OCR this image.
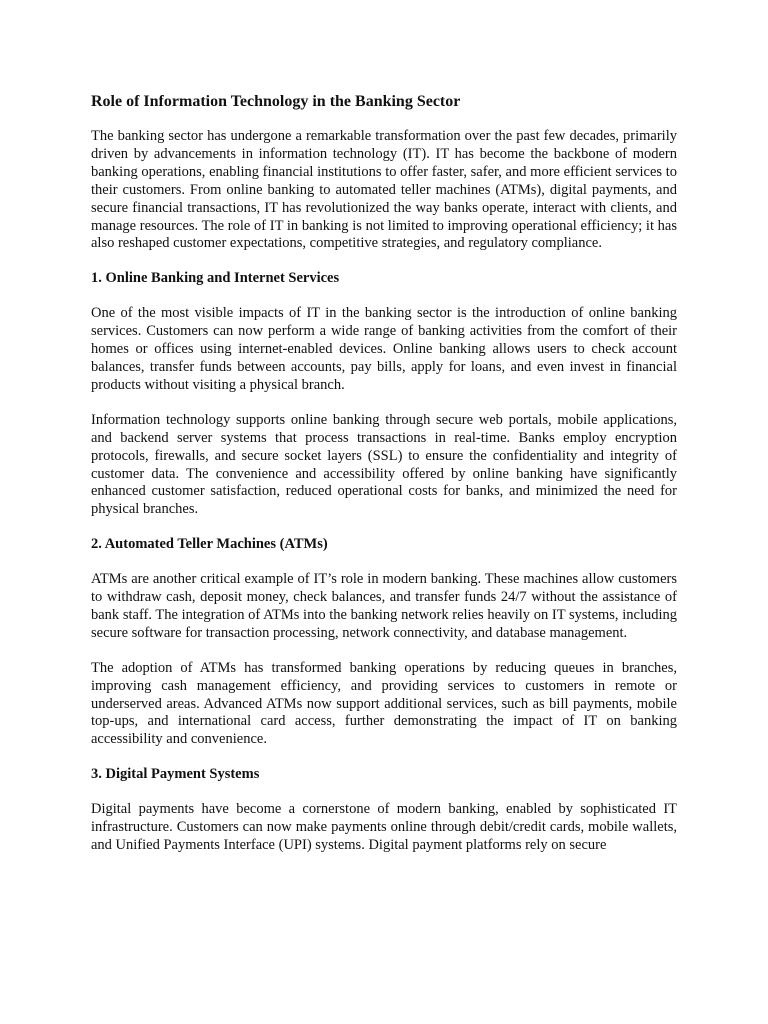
Role of Information Technology in the Banking Sector

The banking sector has undergone a remarkable transformation over the past few decades, primarily driven by advancements in information technology (IT). IT has become the backbone of modern banking operations, enabling financial institutions to offer faster, safer, and more efficient services to their customers. From online banking to automated teller machines (ATMs), digital payments, and secure financial transactions, IT has revolutionized the way banks operate, interact with clients, and manage resources. The role of IT in banking is not limited to improving operational efficiency; it has also reshaped customer expectations, competitive strategies, and regulatory compliance.

1. Online Banking and Internet Services

One of the most visible impacts of IT in the banking sector is the introduction of online banking services. Customers can now perform a wide range of banking activities from the comfort of their homes or offices using internet-enabled devices. Online banking allows users to check account balances, transfer funds between accounts, pay bills, apply for loans, and even invest in financial products without visiting a physical branch.

Information technology supports online banking through secure web portals, mobile applications, and backend server systems that process transactions in real-time. Banks employ encryption protocols, firewalls, and secure socket layers (SSL) to ensure the confidentiality and integrity of customer data. The convenience and accessibility offered by online banking have significantly enhanced customer satisfaction, reduced operational costs for banks, and minimized the need for physical branches.

2. Automated Teller Machines (ATMs)

ATMs are another critical example of IT’s role in modern banking. These machines allow customers to withdraw cash, deposit money, check balances, and transfer funds 24/7 without the assistance of bank staff. The integration of ATMs into the banking network relies heavily on IT systems, including secure software for transaction processing, network connectivity, and database management.

The adoption of ATMs has transformed banking operations by reducing queues in branches, improving cash management efficiency, and providing services to customers in remote or underserved areas. Advanced ATMs now support additional services, such as bill payments, mobile top-ups, and international card access, further demonstrating the impact of IT on banking accessibility and convenience.

3. Digital Payment Systems

Digital payments have become a cornerstone of modern banking, enabled by sophisticated IT infrastructure. Customers can now make payments online through debit/credit cards, mobile wallets, and Unified Payments Interface (UPI) systems. Digital payment platforms rely on secure
